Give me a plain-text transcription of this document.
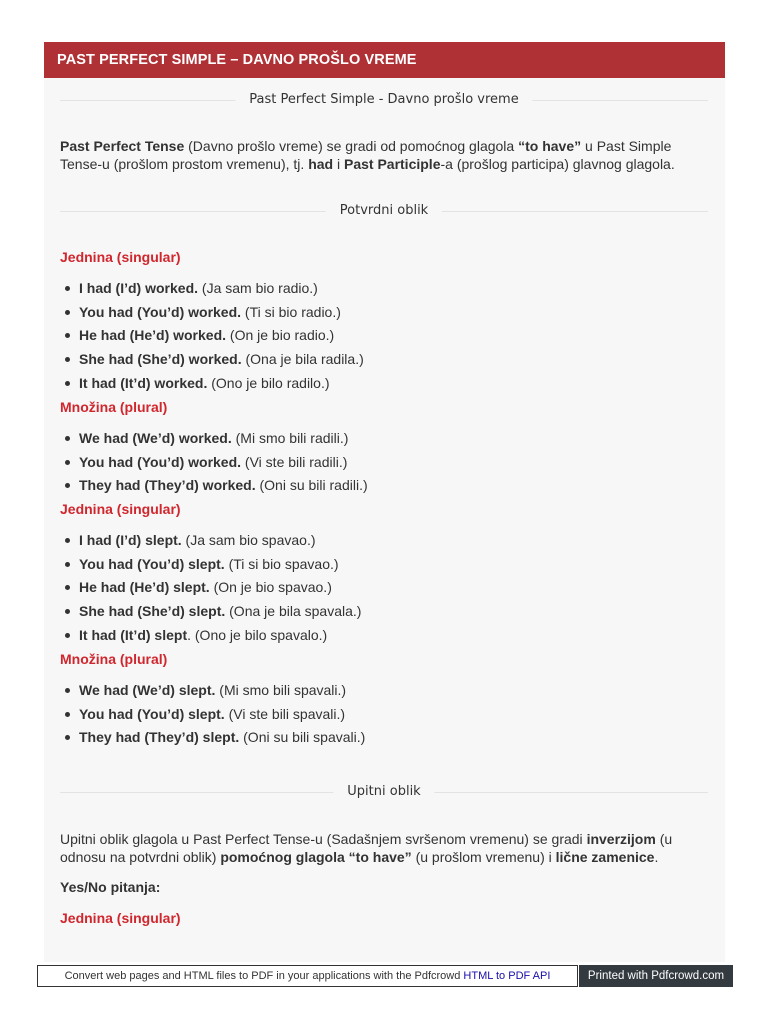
PAST PERFECT SIMPLE – DAVNO PROŠLO VREME
Past Perfect Simple - Davno prošlo vreme
Past Perfect Tense (Davno prošlo vreme) se gradi od pomoćnog glagola “to have” u Past Simple Tense-u (prošlom prostom vremenu), tj. had i Past Participle-a (prošlog participa) glavnog glagola.
Potvrdni oblik
Jednina (singular)
I had (I’d) worked. (Ja sam bio radio.)
You had (You’d) worked. (Ti si bio radio.)
He had (He’d) worked. (On je bio radio.)
She had (She’d) worked. (Ona je bila radila.)
It had (It’d) worked. (Ono je bilo radilo.)
Množina (plural)
We had (We’d) worked. (Mi smo bili radili.)
You had (You’d) worked. (Vi ste bili radili.)
They had (They’d) worked. (Oni su bili radili.)
Jednina (singular)
I had (I’d) slept. (Ja sam bio spavao.)
You had (You’d) slept. (Ti si bio spavao.)
He had (He’d) slept. (On je bio spavao.)
She had (She’d) slept. (Ona je bila spavala.)
It had (It’d) slept. (Ono je bilo spavalo.)
Množina (plural)
We had (We’d) slept. (Mi smo bili spavali.)
You had (You’d) slept. (Vi ste bili spavali.)
They had (They’d) slept. (Oni su bili spavali.)
Upitni oblik
Upitni oblik glagola u Past Perfect Tense-u (Sadašnjem svršenom vremenu) se gradi inverzijom (u odnosu na potvrdni oblik) pomoćnog glagola “to have” (u prošlom vremenu) i lične zamenice.
Yes/No pitanja:
Jednina (singular)
Convert web pages and HTML files to PDF in your applications with the Pdfcrowd HTML to PDF API	Printed with Pdfcrowd.com
